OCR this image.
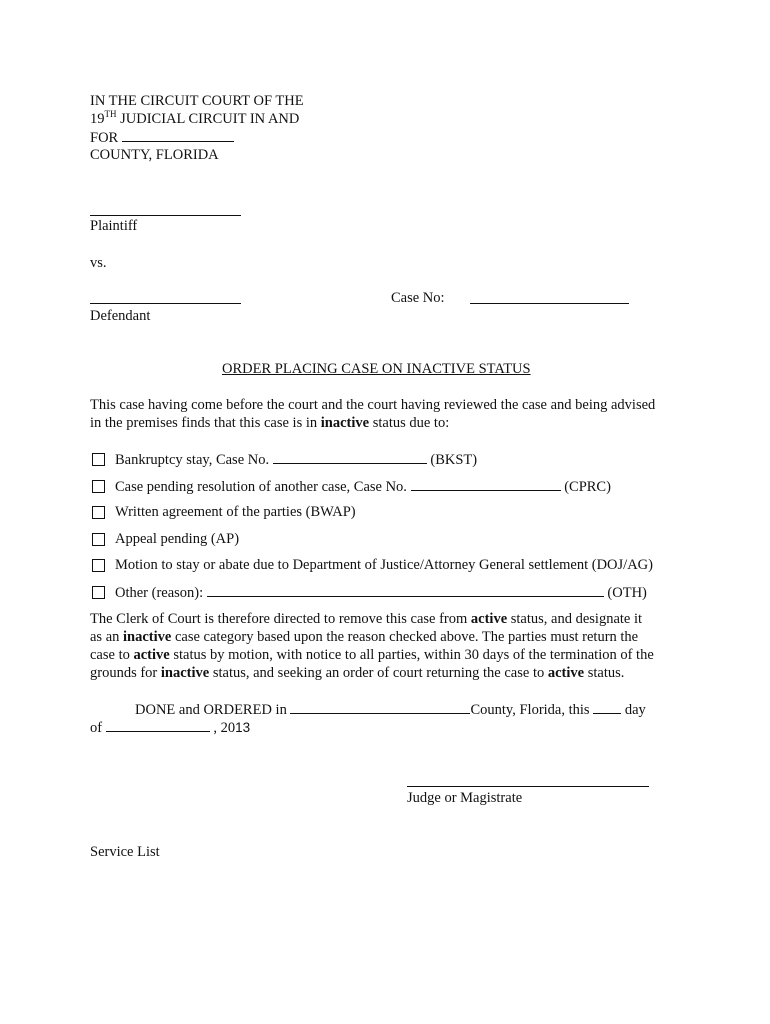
IN THE CIRCUIT COURT OF THE
19TH JUDICIAL CIRCUIT IN AND
FOR
COUNTY, FLORIDA
Plaintiff
vs.
Case No:
Defendant
ORDER PLACING CASE ON INACTIVE STATUS
This case having come before the court and the court having reviewed the case and being advised
in the premises finds that this case is in inactive status due to:
Bankruptcy stay, Case No.	(BKST)
Case pending resolution of another case, Case No.	(CPRC)
Written agreement of the parties (BWAP)
Appeal pending (AP)
Motion to stay or abate due to Department of Justice/Attorney General settlement (DOJ/AG)
Other (reason):	(OTH)
The Clerk of Court is therefore directed to remove this case from active status, and designate it
as an inactive case category based upon the reason checked above. The parties must return the
case to active status by motion, with notice to all parties, within 30 days of the termination of the
grounds for inactive status, and seeking an order of court returning the case to active status.
DONE and ORDERED in	County, Florida, this  day
of	, 2013
Judge or Magistrate
Service List
